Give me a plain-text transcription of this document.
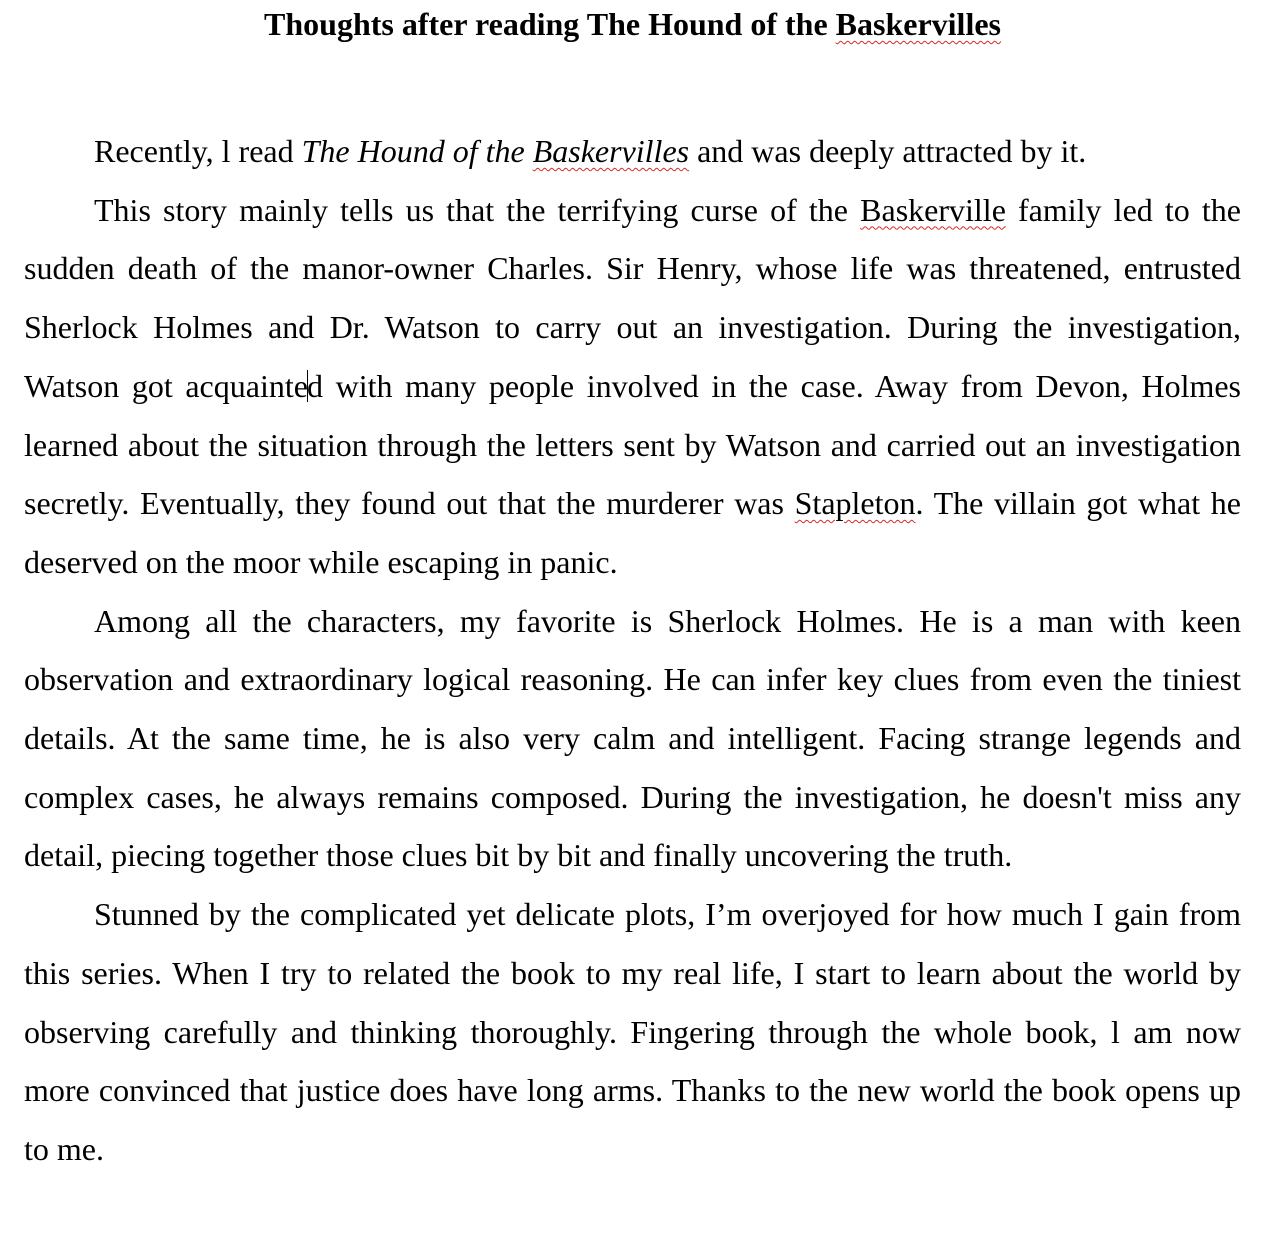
Thoughts after reading The Hound of the Baskervilles

Recently, l read The Hound of the Baskervilles and was deeply attracted by it.

This story mainly tells us that the terrifying curse of the Baskerville family led to the sudden death of the manor-owner Charles. Sir Henry, whose life was threatened, entrusted Sherlock Holmes and Dr. Watson to carry out an investigation. During the investigation, Watson got acquainted with many people involved in the case. Away from Devon, Holmes learned about the situation through the letters sent by Watson and carried out an investigation secretly. Eventually, they found out that the murderer was Stapleton. The villain got what he deserved on the moor while escaping in panic.

Among all the characters, my favorite is Sherlock Holmes. He is a man with keen observation and extraordinary logical reasoning. He can infer key clues from even the tiniest details. At the same time, he is also very calm and intelligent. Facing strange legends and complex cases, he always remains composed. During the investigation, he doesn't miss any detail, piecing together those clues bit by bit and finally uncovering the truth.

Stunned by the complicated yet delicate plots, I’m overjoyed for how much I gain from this series. When I try to related the book to my real life, I start to learn about the world by observing carefully and thinking thoroughly. Fingering through the whole book, l am now more convinced that justice does have long arms. Thanks to the new world the book opens up to me.
